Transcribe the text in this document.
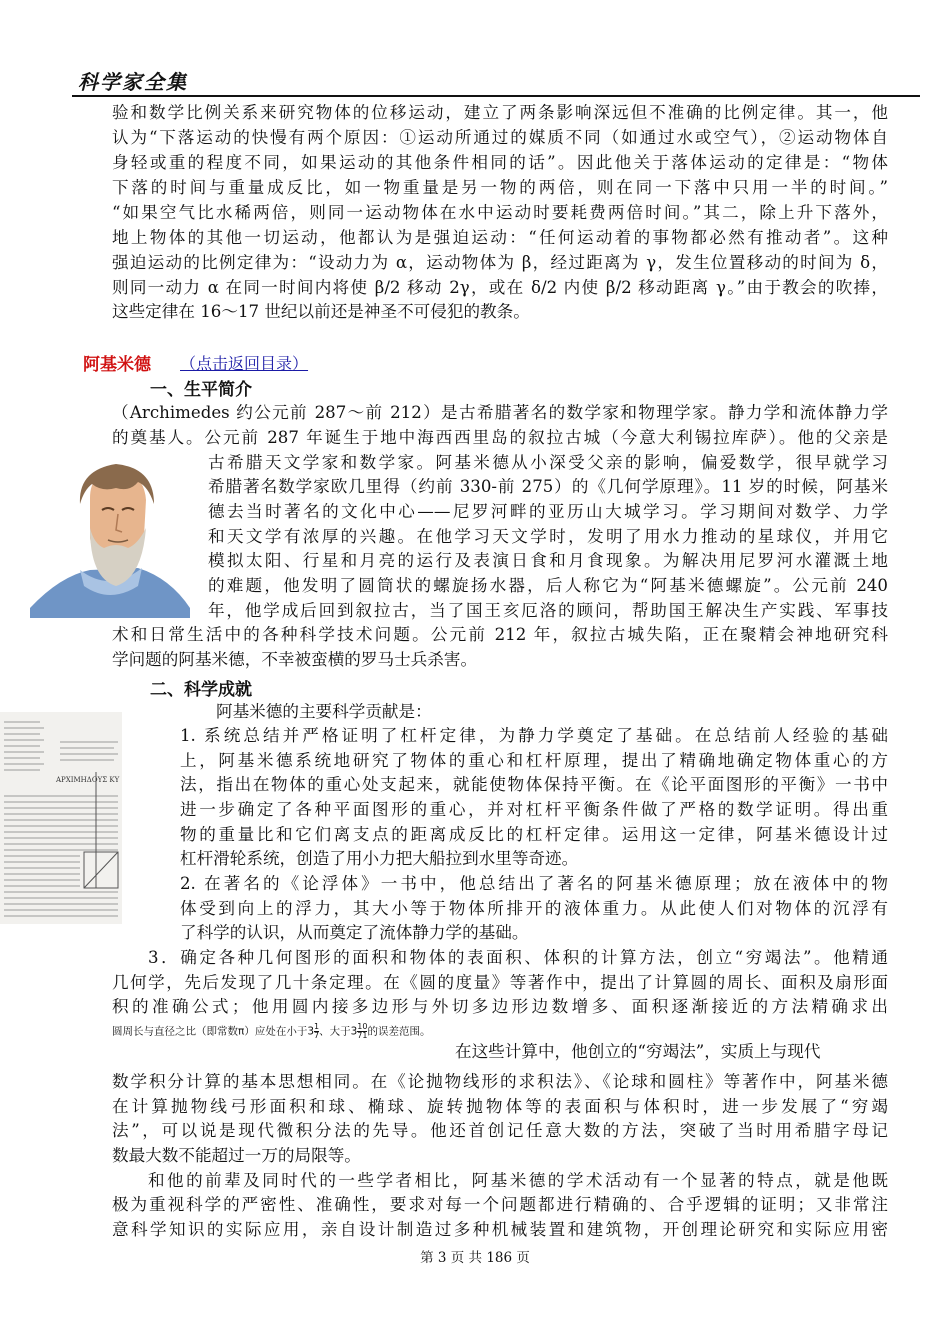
科学家全集
验和数学比例关系来研究物体的位移运动，建立了两条影响深远但不准确的比例定律。其一，他
认为“下落运动的快慢有两个原因：①运动所通过的媒质不同（如通过水或空气），②运动物体自
身轻或重的程度不同，如果运动的其他条件相同的话”。因此他关于落体运动的定律是：“物体
下落的时间与重量成反比，如一物重量是另一物的两倍，则在同一下落中只用一半的时间。”
“如果空气比水稀两倍，则同一运动物体在水中运动时要耗费两倍时间。”其二，除上升下落外，
地上物体的其他一切运动，他都认为是强迫运动：“任何运动着的事物都必然有推动者”。这种
强迫运动的比例定律为：“设动力为 α，运动物体为 β，经过距离为 γ，发生位置移动的时间为 δ，
则同一动力 α 在同一时间内将使 β/2 移动 2γ，或在 δ/2 内使 β/2 移动距离 γ。”由于教会的吹捧，
这些定律在 16～17 世纪以前还是神圣不可侵犯的教条。
阿基米德 （点击返回目录）
一、生平简介
（Archimedes 约公元前 287～前 212）是古希腊著名的数学家和物理学家。静力学和流体静力学
的奠基人。公元前 287 年诞生于地中海西西里岛的叙拉古城（今意大利锡拉库萨）。他的父亲是
古希腊天文学家和数学家。阿基米德从小深受父亲的影响，偏爱数学，很早就学习
希腊著名数学家欧几里得（约前 330-前 275）的《几何学原理》。11 岁的时候，阿基米
德去当时著名的文化中心——尼罗河畔的亚历山大城学习。学习期间对数学、力学
和天文学有浓厚的兴趣。在他学习天文学时，发明了用水力推动的星球仪，并用它
模拟太阳、行星和月亮的运行及表演日食和月食现象。为解决用尼罗河水灌溉土地
的难题，他发明了圆筒状的螺旋扬水器，后人称它为“阿基米德螺旋”。公元前 240
年，他学成后回到叙拉古，当了国王亥厄洛的顾问，帮助国王解决生产实践、军事技
术和日常生活中的各种科学技术问题。公元前 212 年，叙拉古城失陷，正在聚精会神地研究科
学问题的阿基米德，不幸被蛮横的罗马士兵杀害。
二、科学成就
阿基米德的主要科学贡献是：
ΑΡΧΙΜΗΔΟΥΣ ΚΥ
1. 系统总结并严格证明了杠杆定律，为静力学奠定了基础。在总结前人经验的基础
上，阿基米德系统地研究了物体的重心和杠杆原理，提出了精确地确定物体重心的方
法，指出在物体的重心处支起来，就能使物体保持平衡。在《论平面图形的平衡》一书中
进一步确定了各种平面图形的重心，并对杠杆平衡条件做了严格的数学证明。得出重
物的重量比和它们离支点的距离成反比的杠杆定律。运用这一定律，阿基米德设计过
杠杆滑轮系统，创造了用小力把大船拉到水里等奇迹。
2. 在著名的《论浮体》一书中，他总结出了著名的阿基米德原理；放在液体中的物
体受到向上的浮力，其大小等于物体所排开的液体重力。从此使人们对物体的沉浮有
了科学的认识，从而奠定了流体静力学的基础。
3．确定各种几何图形的面积和物体的表面积、体积的计算方法，创立“穷竭法”。他精通
几何学，先后发现了几十条定理。在《圆的度量》等著作中，提出了计算圆的周长、面积及扇形面
积的准确公式；他用圆内接多边形与外切多边形边数增多、面积逐渐接近的方法精确求出
圆周长与直径之比（即常数π）应处在小于$3 \frac{1}{7}$ 、大于$3 \frac{10}{71}$ 的误差范围。
在这些计算中，他创立的“穷竭法”，实质上与现代
数学积分计算的基本思想相同。在《论抛物线形的求积法》、《论球和圆柱》等著作中，阿基米德
在计算抛物线弓形面积和球、椭球、旋转抛物体等的表面积与体积时，进一步发展了“穷竭
法”，可以说是现代微积分法的先导。他还首创记任意大数的方法，突破了当时用希腊字母记
数最大数不能超过一万的局限等。
和他的前辈及同时代的一些学者相比，阿基米德的学术活动有一个显著的特点，就是他既
极为重视科学的严密性、准确性，要求对每一个问题都进行精确的、合乎逻辑的证明；又非常注
意科学知识的实际应用，亲自设计制造过多种机械装置和建筑物，开创理论研究和实际应用密
第 3 页 共 186 页
